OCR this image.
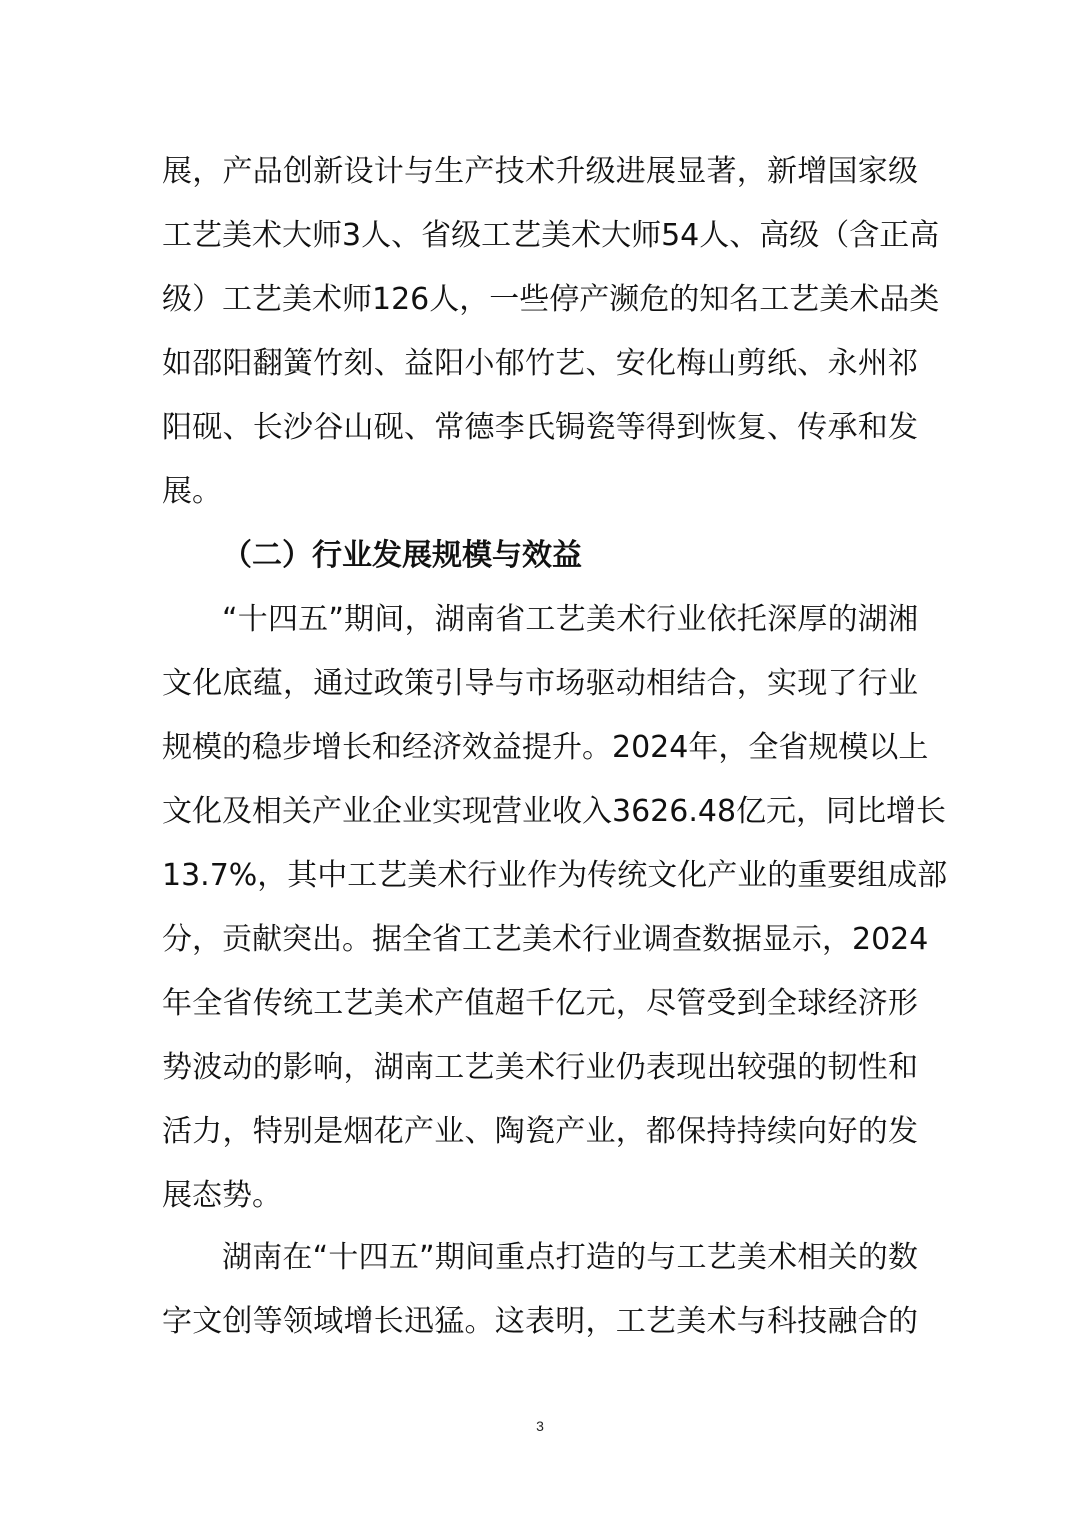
展，产品创新设计与生产技术升级进展显著，新增国家级
工艺美术大师3人、省级工艺美术大师54人、高级（含正高
级）工艺美术师126人，一些停产濒危的知名工艺美术品类
如邵阳翻簧竹刻、益阳小郁竹艺、安化梅山剪纸、永州祁
阳砚、长沙谷山砚、常德李氏锔瓷等得到恢复、传承和发
展。
（二）行业发展规模与效益
“十四五”期间，湖南省工艺美术行业依托深厚的湖湘
文化底蕴，通过政策引导与市场驱动相结合，实现了行业
规模的稳步增长和经济效益提升。2024年，全省规模以上
文化及相关产业企业实现营业收入3626.48亿元，同比增长
13.7%，其中工艺美术行业作为传统文化产业的重要组成部
分，贡献突出。据全省工艺美术行业调查数据显示，2024
年全省传统工艺美术产值超千亿元，尽管受到全球经济形
势波动的影响，湖南工艺美术行业仍表现出较强的韧性和
活力，特别是烟花产业、陶瓷产业，都保持持续向好的发
展态势。
湖南在“十四五”期间重点打造的与工艺美术相关的数
字文创等领域增长迅猛。这表明，工艺美术与科技融合的
3
